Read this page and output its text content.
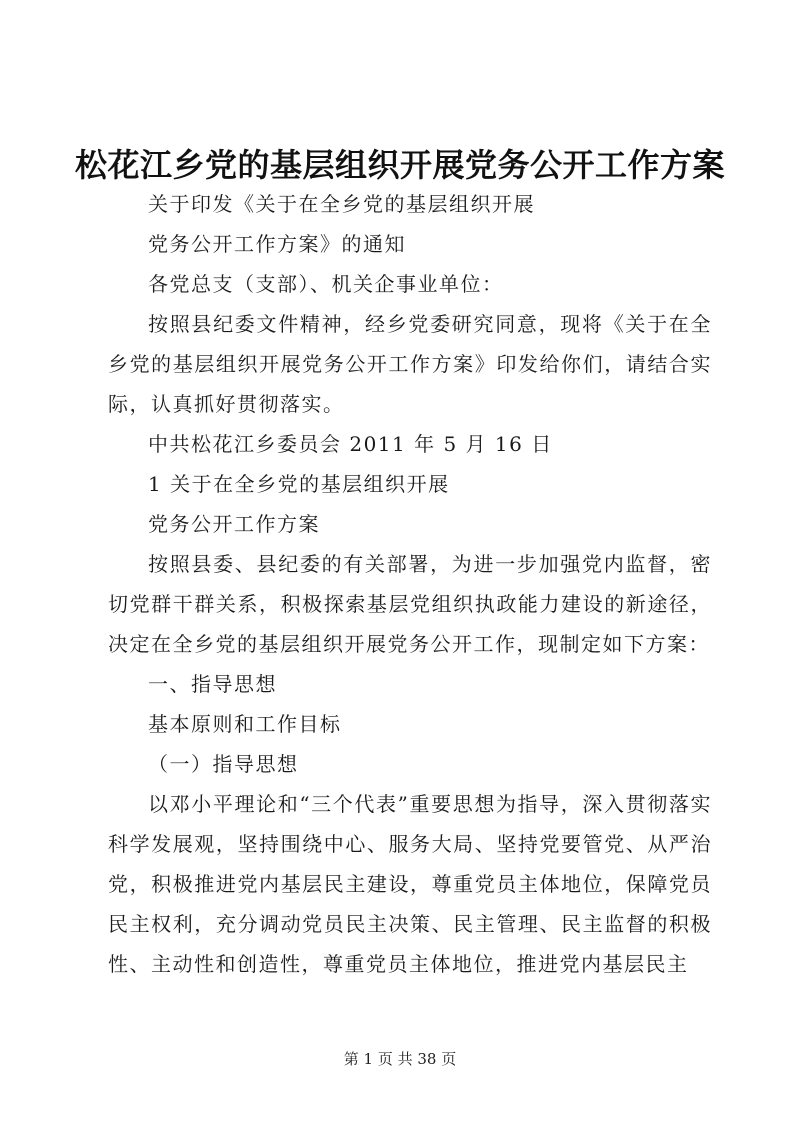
松花江乡党的基层组织开展党务公开工作方案

关于印发《关于在全乡党的基层组织开展

党务公开工作方案》的通知

各党总支（支部）、机关企事业单位：

按照县纪委文件精神，经乡党委研究同意，现将《关于在全乡党的基层组织开展党务公开工作方案》印发给你们，请结合实际，认真抓好贯彻落实。

中共松花江乡委员会 2011 年 5 月 16 日

1 关于在全乡党的基层组织开展

党务公开工作方案

按照县委、县纪委的有关部署，为进一步加强党内监督，密切党群干群关系，积极探索基层党组织执政能力建设的新途径，决定在全乡党的基层组织开展党务公开工作，现制定如下方案：

一、指导思想

基本原则和工作目标

（一）指导思想

以邓小平理论和“三个代表”重要思想为指导，深入贯彻落实科学发展观，坚持围绕中心、服务大局、坚持党要管党、从严治党，积极推进党内基层民主建设，尊重党员主体地位，保障党员民主权利，充分调动党员民主决策、民主管理、民主监督的积极性、主动性和创造性，尊重党员主体地位，推进党内基层民主

第 1 页 共 38 页
